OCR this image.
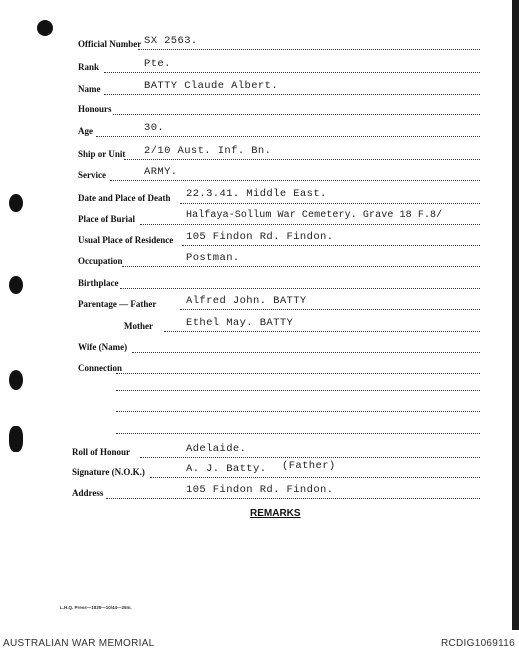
Official Number SX 2563.
Rank	Pte.
Name	BATTY Claude Albert.
Honours
Age	30.
Ship or Unit 2/10 Aust. Inf. Bn.
Service	ARMY.
Date and Place of Death 22.3.41. Middle East.
Place of Burial	Halfaya-Sollum War Cemetery. Grave 18 F.8/
Usual Place of Residence 105 Findon Rd. Findon.
Occupation	Postman.
Birthplace
Parentage — Father	Alfred John. BATTY
Mother	Ethel May. BATTY
Wife (Name)
Connection
Roll of Honour	Adelaide.
Signature (N.O.K.)	A. J. Batty. (Father)
Address	105 Findon Rd. Findon.
REMARKS
L.H.Q. Press—1835—10/44—25m.
AUSTRALIAN WAR MEMORIAL	RCDIG1069116
